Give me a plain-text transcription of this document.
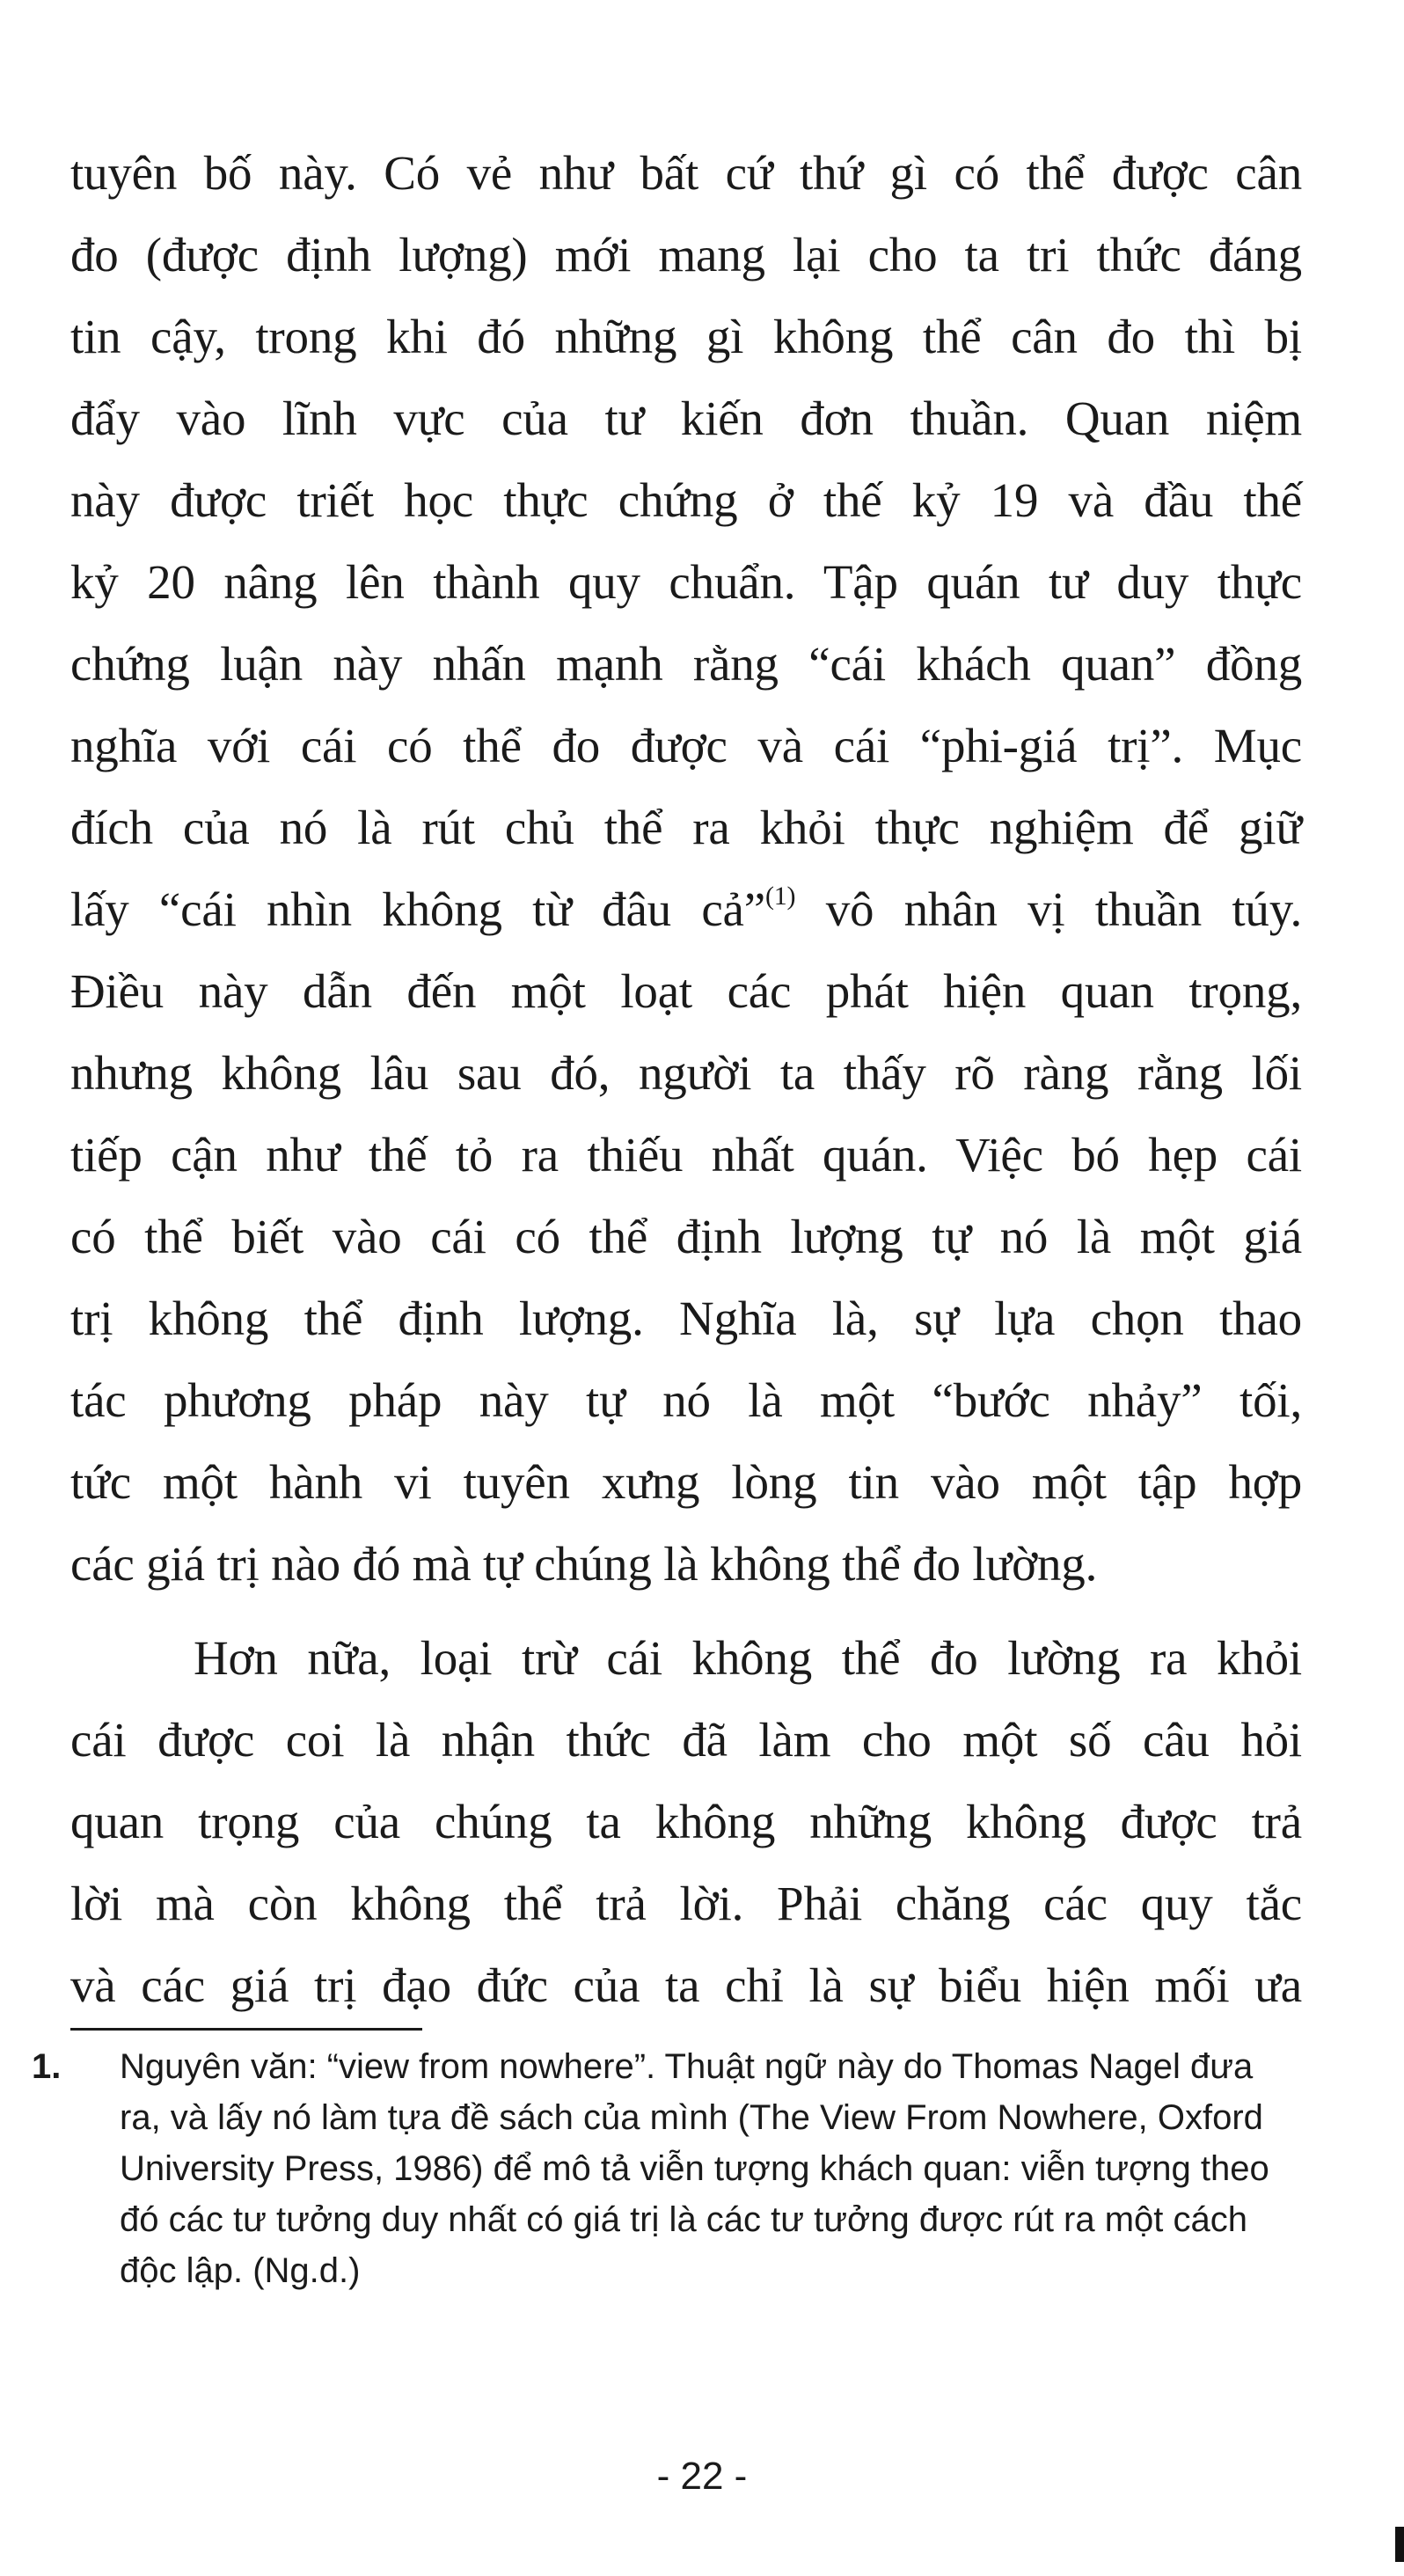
tuyên bố này. Có vẻ như bất cứ thứ gì có thể được cân
đo (được định lượng) mới mang lại cho ta tri thức đáng
tin cậy, trong khi đó những gì không thể cân đo thì bị
đẩy vào lĩnh vực của tư kiến đơn thuần. Quan niệm
này được triết học thực chứng ở thế kỷ 19 và đầu thế
kỷ 20 nâng lên thành quy chuẩn. Tập quán tư duy thực
chứng luận này nhấn mạnh rằng “cái khách quan” đồng
nghĩa với cái có thể đo được và cái “phi-giá trị”. Mục
đích của nó là rút chủ thể ra khỏi thực nghiệm để giữ
lấy “cái nhìn không từ đâu cả”$^{(1)}$ vô nhân vị thuần túy.
Điều này dẫn đến một loạt các phát hiện quan trọng,
nhưng không lâu sau đó, người ta thấy rõ ràng rằng lối
tiếp cận như thế tỏ ra thiếu nhất quán. Việc bó hẹp cái
có thể biết vào cái có thể định lượng tự nó là một giá
trị không thể định lượng. Nghĩa là, sự lựa chọn thao
tác phương pháp này tự nó là một “bước nhảy” tối,
tức một hành vi tuyên xưng lòng tin vào một tập hợp
các giá trị nào đó mà tự chúng là không thể đo lường.
Hơn nữa, loại trừ cái không thể đo lường ra khỏi
cái được coi là nhận thức đã làm cho một số câu hỏi
quan trọng của chúng ta không những không được trả
lời mà còn không thể trả lời. Phải chăng các quy tắc
và các giá trị đạo đức của ta chỉ là sự biểu hiện mối ưa
1.	Nguyên văn: “view from nowhere”. Thuật ngữ này do Thomas Nagel đưa
ra, và lấy nó làm tựa đề sách của mình (The View From Nowhere, Oxford
University Press, 1986) để mô tả viễn tượng khách quan: viễn tượng theo
đó các tư tưởng duy nhất có giá trị là các tư tưởng được rút ra một cách
độc lập. (Ng.d.)
- 22 -
